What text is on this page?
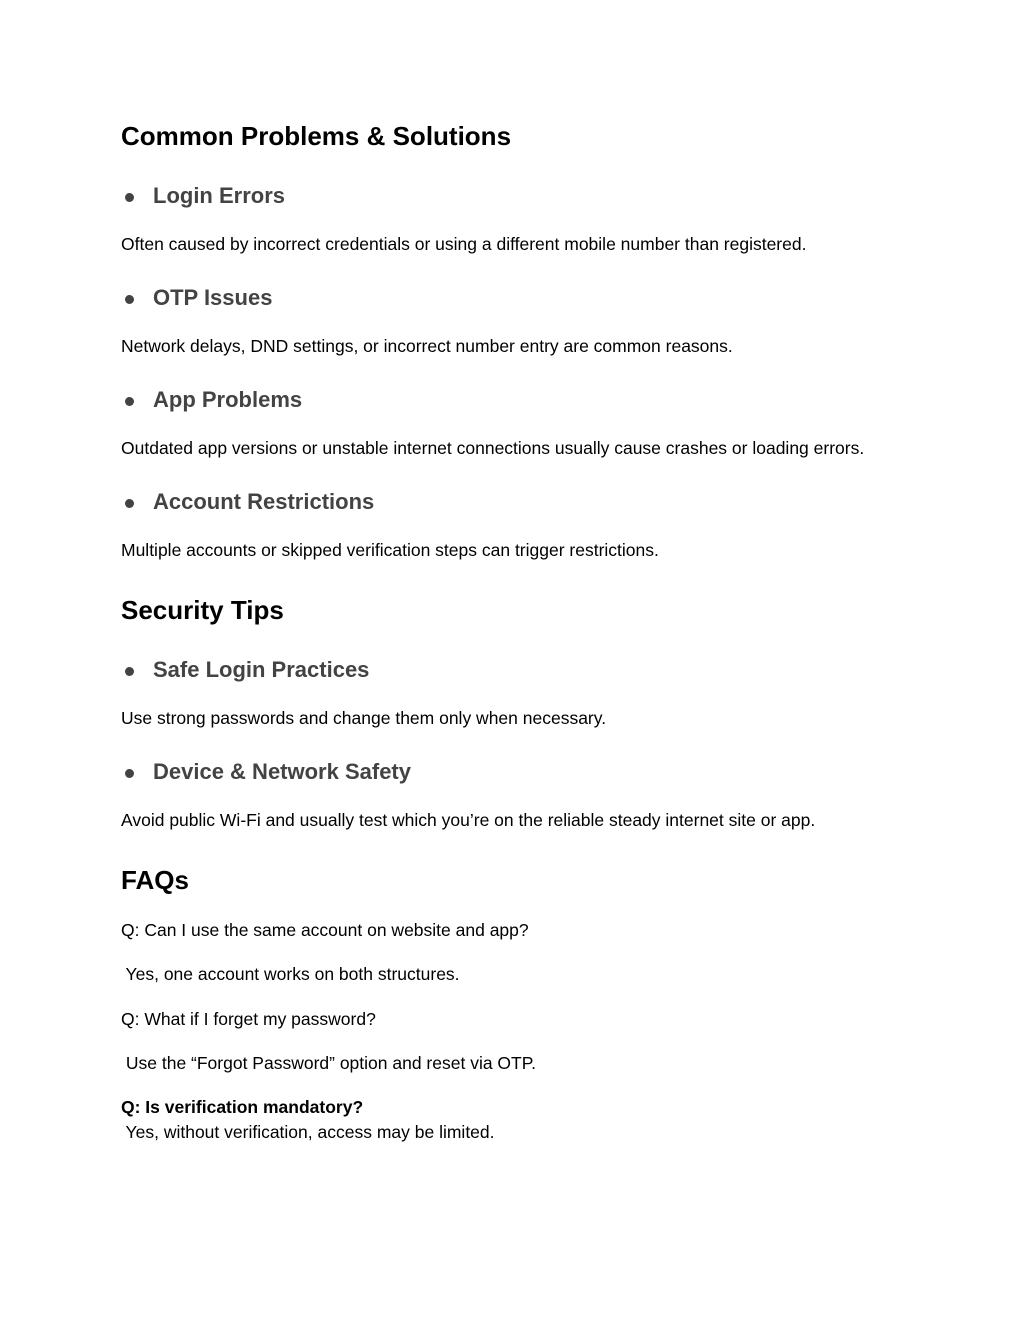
Common Problems & Solutions
Login Errors

Often caused by incorrect credentials or using a different mobile number than registered.

OTP Issues

Network delays, DND settings, or incorrect number entry are common reasons.

App Problems

Outdated app versions or unstable internet connections usually cause crashes or loading errors.

Account Restrictions

Multiple accounts or skipped verification steps can trigger restrictions.

Security Tips
Safe Login Practices

Use strong passwords and change them only when necessary.

Device & Network Safety

Avoid public Wi-Fi and usually test which you’re on the reliable steady internet site or app.

FAQs

Q: Can I use the same account on website and app?

Yes, one account works on both structures.

Q: What if I forget my password?

Use the “Forgot Password” option and reset via OTP.

Q: Is verification mandatory?

Yes, without verification, access may be limited.
